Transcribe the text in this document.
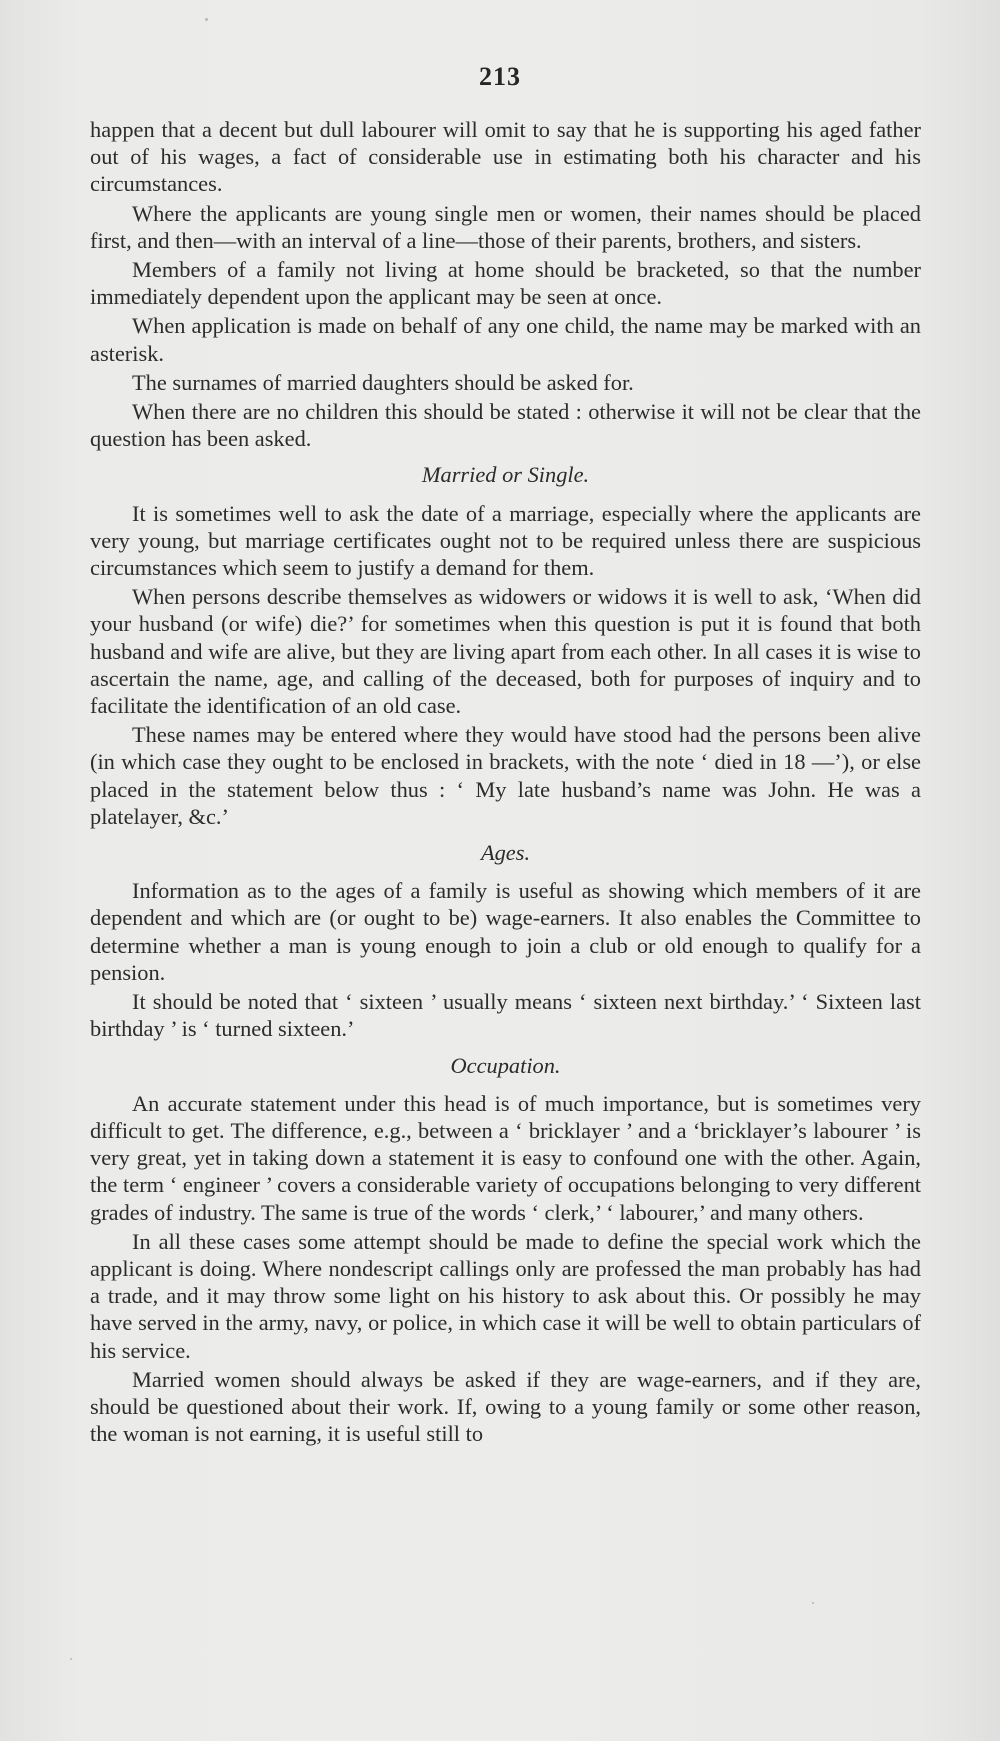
213

happen that a decent but dull labourer will omit to say that he is supporting his aged father out of his wages, a fact of considerable use in estimating both his character and his circumstances.

Where the applicants are young single men or women, their names should be placed first, and then—with an interval of a line—those of their parents, brothers, and sisters.

Members of a family not living at home should be bracketed, so that the number immediately dependent upon the applicant may be seen at once.

When application is made on behalf of any one child, the name may be marked with an asterisk.

The surnames of married daughters should be asked for.

When there are no children this should be stated : otherwise it will not be clear that the question has been asked.

Married or Single.

It is sometimes well to ask the date of a marriage, especially where the applicants are very young, but marriage certificates ought not to be required unless there are suspicious circumstances which seem to justify a demand for them.

When persons describe themselves as widowers or widows it is well to ask, ‘When did your husband (or wife) die?’ for sometimes when this question is put it is found that both husband and wife are alive, but they are living apart from each other. In all cases it is wise to ascertain the name, age, and calling of the deceased, both for purposes of inquiry and to facilitate the identification of an old case.

These names may be entered where they would have stood had the persons been alive (in which case they ought to be enclosed in brackets, with the note ‘ died in 18 —’), or else placed in the statement below thus : ‘ My late husband’s name was John. He was a platelayer, &c.’

Ages.

Information as to the ages of a family is useful as showing which members of it are dependent and which are (or ought to be) wage-earners. It also enables the Committee to determine whether a man is young enough to join a club or old enough to qualify for a pension.

It should be noted that ‘ sixteen ’ usually means ‘ sixteen next birthday.’ ‘ Sixteen last birthday ’ is ‘ turned sixteen.’

Occupation.

An accurate statement under this head is of much importance, but is sometimes very difficult to get. The difference, e.g., between a ‘ bricklayer ’ and a ‘bricklayer’s labourer ’ is very great, yet in taking down a statement it is easy to confound one with the other. Again, the term ‘ engineer ’ covers a considerable variety of occupations belonging to very different grades of industry. The same is true of the words ‘ clerk,’ ‘ labourer,’ and many others.

In all these cases some attempt should be made to define the special work which the applicant is doing. Where nondescript callings only are professed the man probably has had a trade, and it may throw some light on his history to ask about this. Or possibly he may have served in the army, navy, or police, in which case it will be well to obtain particulars of his service.

Married women should always be asked if they are wage-earners, and if they are, should be questioned about their work. If, owing to a young family or some other reason, the woman is not earning, it is useful still to
